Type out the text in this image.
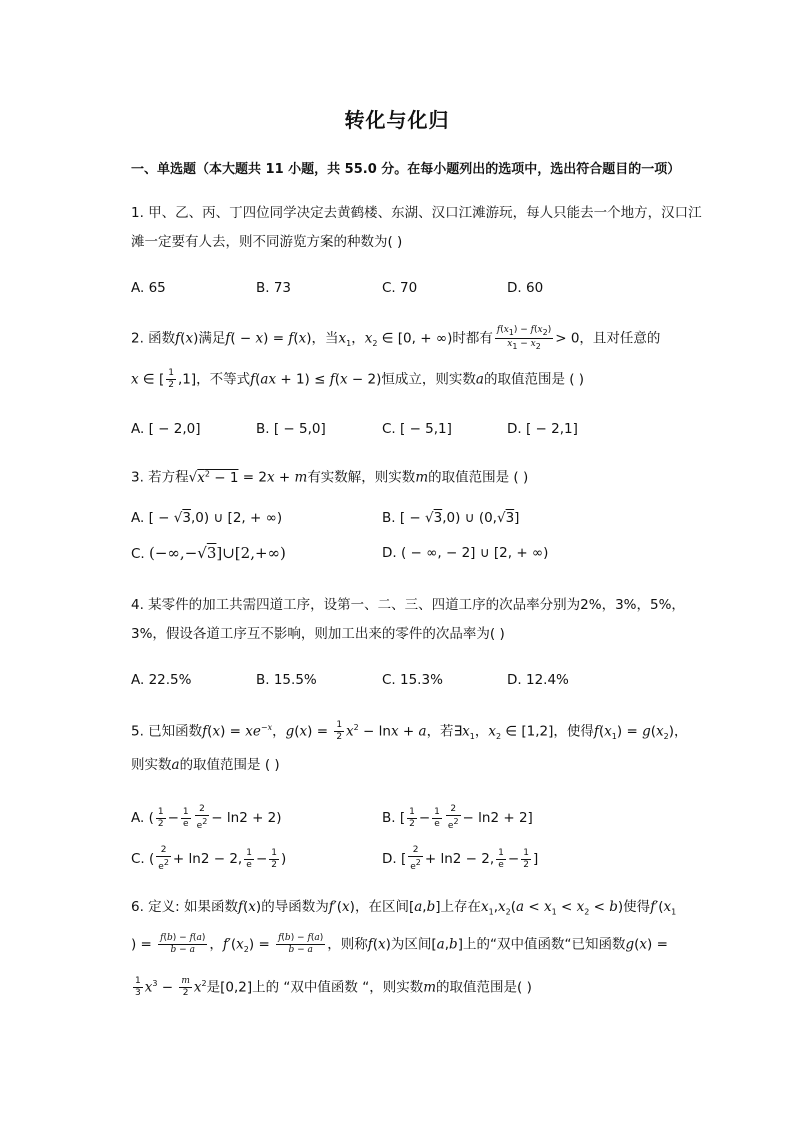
转化与化归
一、单选题（本大题共 11 小题，共 55.0 分。在每小题列出的选项中，选出符合题目的一项）
1. 甲、乙、丙、丁四位同学决定去黄鹤楼、东湖、汉口江滩游玩，每人只能去一个地方，汉口江
滩一定要有人去，则不同游览方案的种数为( )
A. 65	B. 73	C. 70	D. 60
2. 函数f(x)满足f( − x) = f(x)，当$x_1$，$x_2$ ∈ [0, + ∞)时都有 $\frac{f(x_1) - f(x_2)}{x_1 - x_2} > 0$，且对任意的
x ∈ [ $\frac{1}{2} ,1$]，不等式f(ax + 1) ≤ f(x − 2)恒成立，则实数a的取值范围是 ( )
A. [ − 2,0]	B. [ − 5,0]	C. [ − 5,1]	D. [ − 2,1]
3. 若方程$√x^2 - 1 = 2x + m$有实数解，则实数m的取值范围是 ( )
A. [ − √3,0) ∪ [2, + ∞)	B. [ − √3,0) ∪ (0,√3]
C. (−∞,−√3]∪[2,+∞)	D. ( − ∞, − 2] ∪ [2, + ∞)
4. 某零件的加工共需四道工序，设第一、二、三、四道工序的次品率分别为2%，3%，5%，
3%，假设各道工序互不影响，则加工出来的零件的次品率为( )
A. 22.5%	B. 15.5%	C. 15.3%	D. 12.4%
5. 已知函数$f(x) = xe^{-x}$，$g(x) = \frac{1}{2} x^2 - \ln x + a$，若$\exists x_1$，$x_2$ ∈ [1,2]，使得$f(x_1) = g(x_2)$，
则实数a的取值范围是 ( )
A. ( $\frac{1}{2} - \frac{1}{e} \frac{2}{e^2} - \ln 2 + 2$)	B. [ $\frac{1}{2} - \frac{1}{e} \frac{2}{e^2} - \ln 2 + 2$]
C. ( $\frac{2}{e^2} + \ln 2 - 2$, $\frac{1}{e} - \frac{1}{2}$ )	D. [ $\frac{2}{e^2} + \ln 2 - 2$, $\frac{1}{e} - \frac{1}{2}$ ]
6. 定义: 如果函数f(x)的导函数为f′(x)，在区间[a,b]上存在$x_1,x_2(a < x_1 < x_2 < b)$使得$f'(x_1$
) = $\frac{f(b) - f(a)}{b - a}$ ，$f'(x_2) = \frac{f(b) - f(a)}{b - a}$ ，则称f(x)为区间[a,b]上的“双中值函数“已知函数g(x) =
$\frac{1}{3} x^3 - \frac{m}{2} x^2$是[0,2]上的 “双中值函数 “，则实数m的取值范围是( )
